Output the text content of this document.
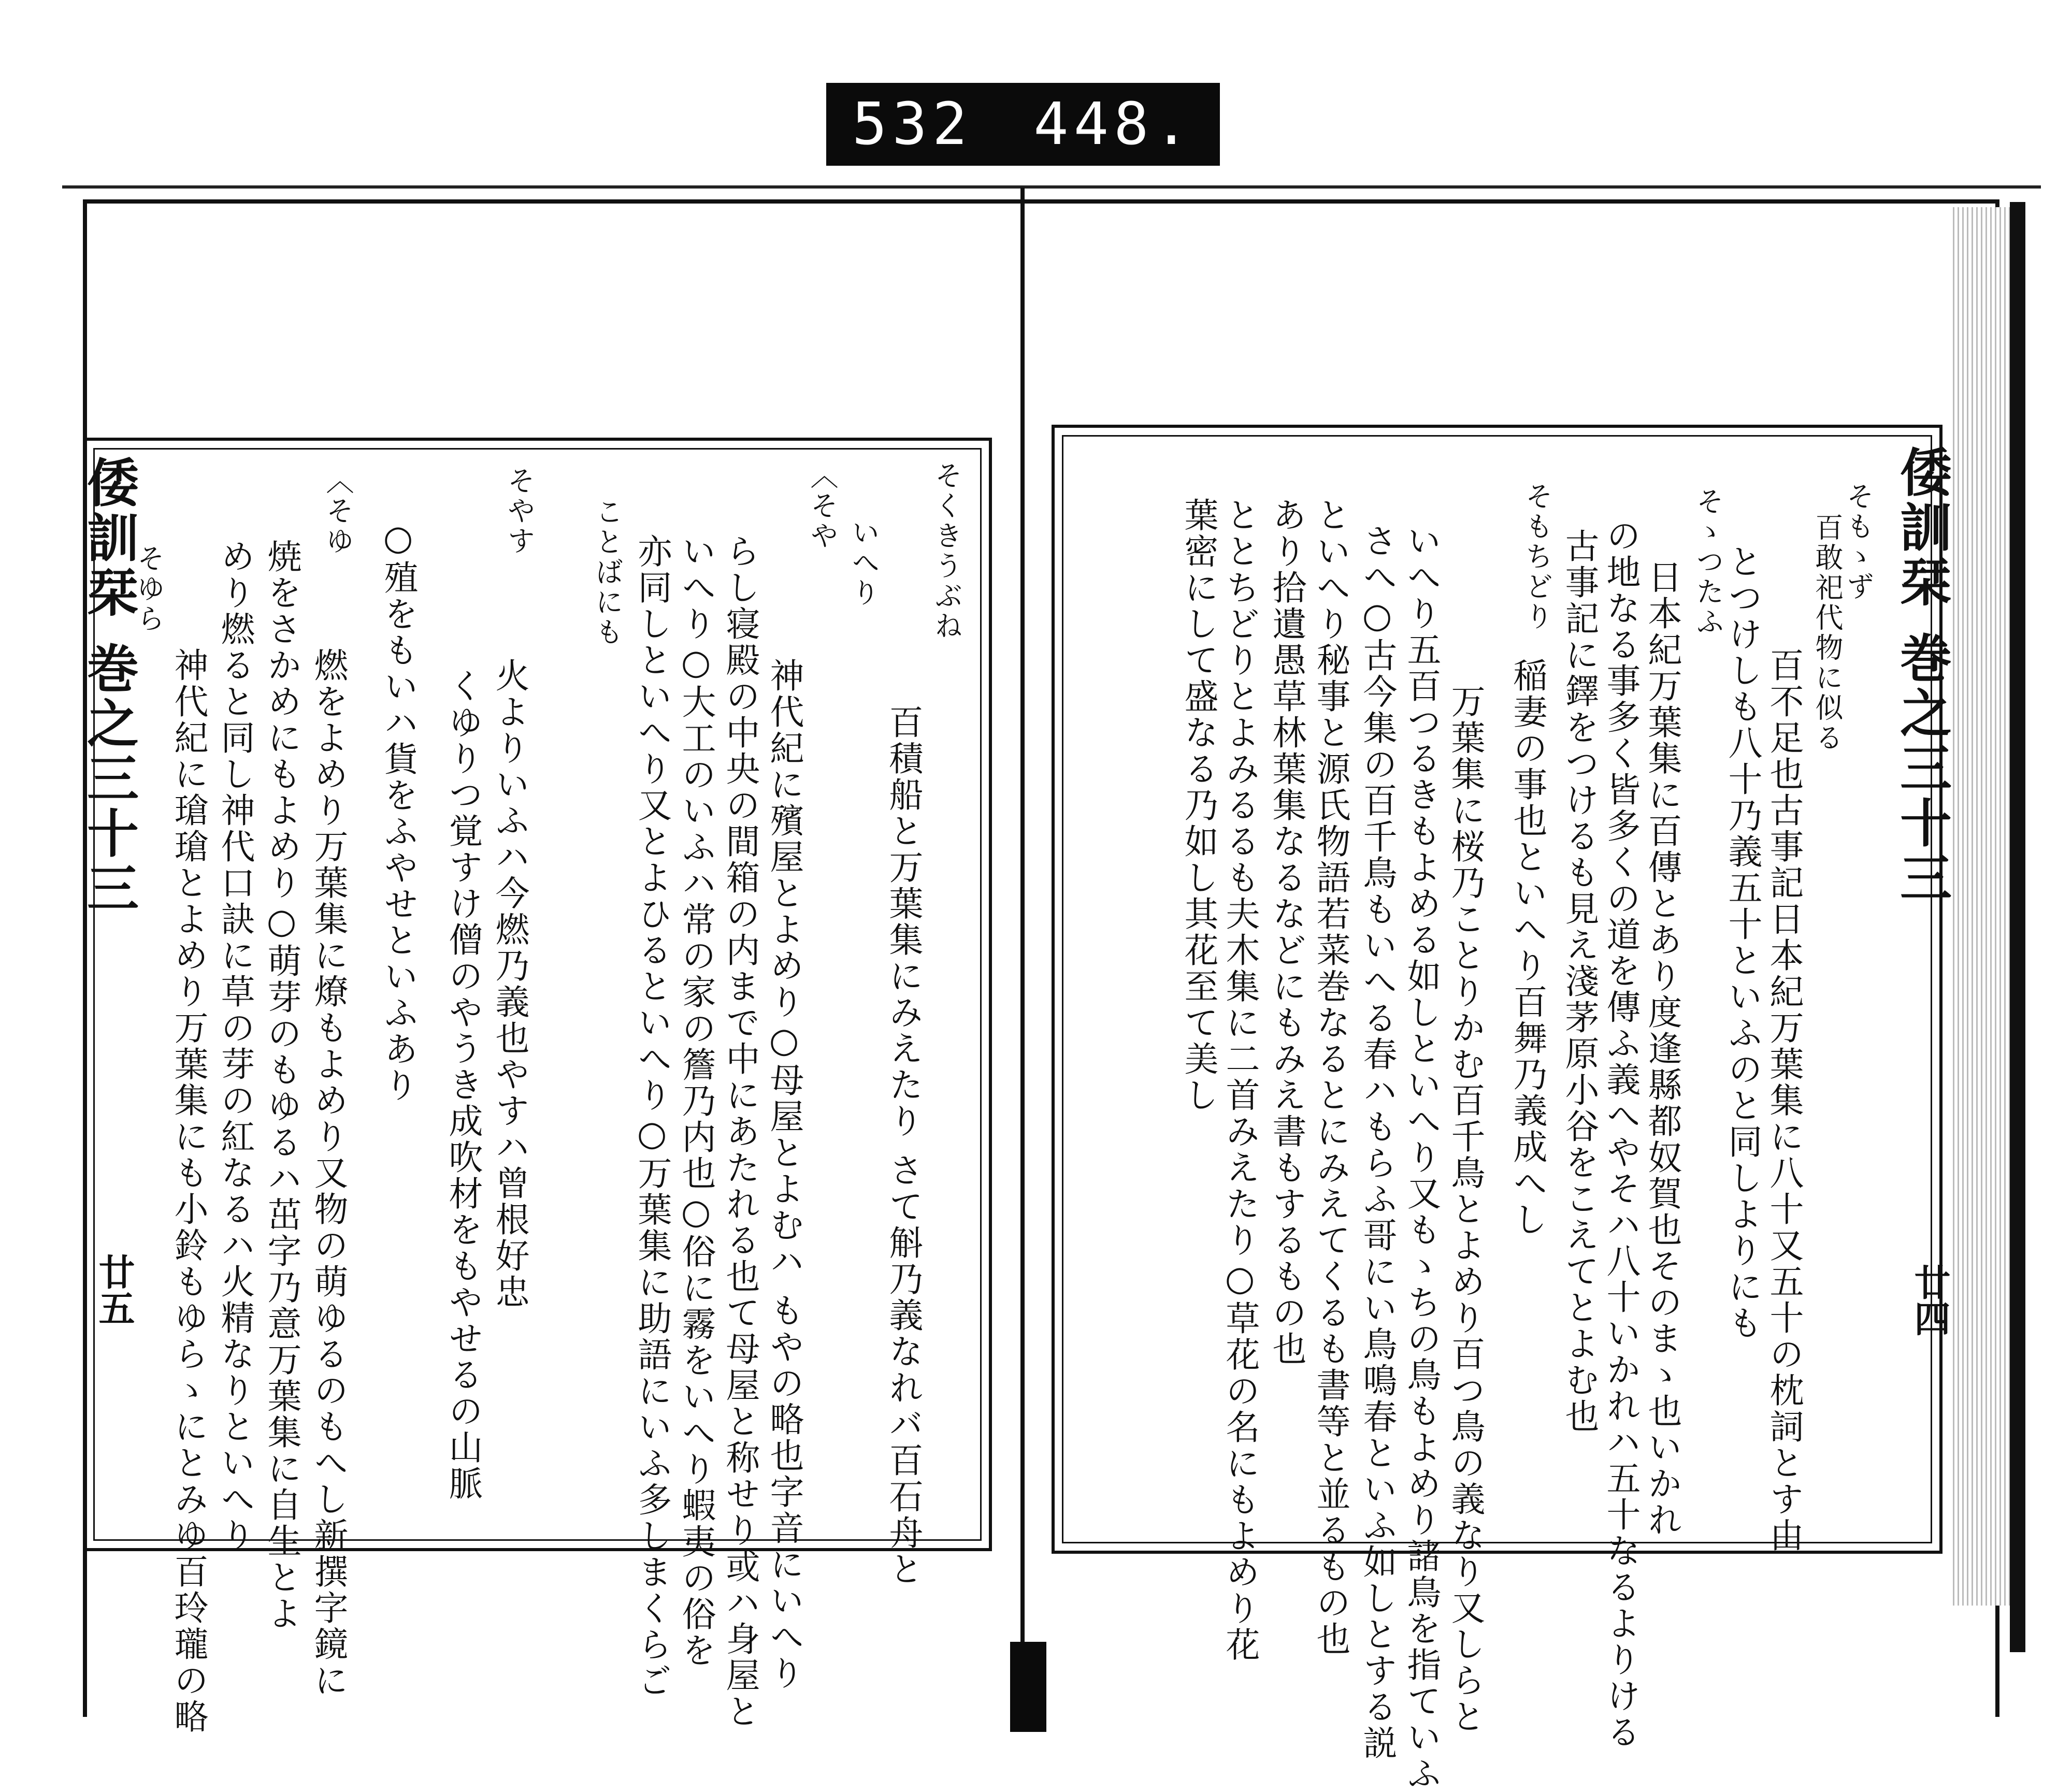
532 448.
倭訓栞 巻之三十三
廿五
そくきうぶね
百積船と万葉集にみえたり さて斛乃義なれバ百石舟と
いへり
〈そや
神代紀に殯屋とよめり○母屋とよむハ もやの略也字音にいへり
らし寝殿の中央の間箱の内まで中にあたれる也て母屋と称せり或ハ身屋と
いへり○大工のいふハ常の家の簷乃内也○俗に霧をいへり蝦夷の俗を
亦同しといへり又とよひるといへり○万葉集に助語にいふ多しまくらご
ことばにも
そやす
火よりいふハ今燃乃義也やすハ曾根好忠
くゆりつ覚すけ僧のやうき成吹材をもやせるの山脈
○殖をもいハ貨をふやせといふあり
〈そゆ
燃をよめり万葉集に燎もよめり又物の萌ゆるのもへし新撰字鏡に
焼をさかめにもよめり○萌芽のもゆるハ茁字乃意万葉集に自生とよ
めり燃ると同し神代口訣に草の芽の紅なるハ火精なりといへり
神代紀に瑲瑲とよめり万葉集にも小鈴もゆらゝにとみゆ百玲瓏の略
そゆら	倭訓栞 巻之三十三
廿四
そもゝず
百敢祀代物に似る
百不足也古事記日本紀万葉集に八十又五十の枕詞とす由
とつけしも八十乃義五十といふのと同しよりにも
そゝつたふ
日本紀万葉集に百傳とあり度逢縣都奴賀也そのまゝ也いかれ
の地なる事多く皆多くの道を傳ふ義へやそハ八十いかれハ五十なるよりける
古事記に鐸をつけるも見え淺茅原小谷をこえてとよむ也
そもちどり
稲妻の事也といへり百舞乃義成へし
万葉集に桜乃ことりかむ百千鳥とよめり百つ鳥の義なり又しらと
いへり五百つるきもよめる如しといへり又もゝちの鳥もよめり諸鳥を指ていふ
さへ○古今集の百千鳥もいへる春ハもらふ哥にい鳥鳴春といふ如しとする説
といへり秘事と源氏物語若菜巻なるとにみえてくるも書等と並るもの也
あり拾遺愚草林葉集なるなどにもみえ書もするもの也
ととちどりとよみるるも夫木集に二首みえたり○草花の名にもよめり花
葉密にして盛なる乃如し其花至て美し
